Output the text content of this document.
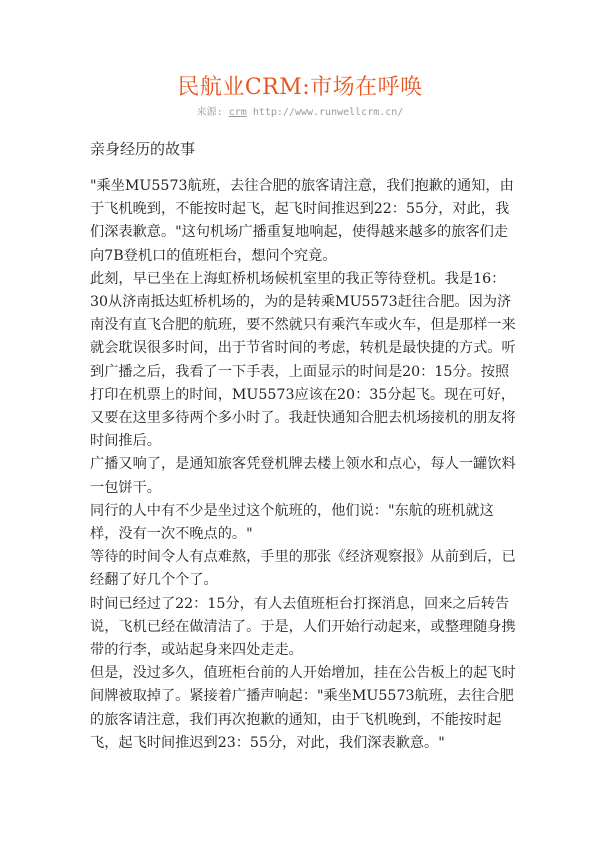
民航业CRM:市场在呼唤
来源: crm http://www.runwellcrm.cn/
亲身经历的故事

"乘坐MU5573航班，去往合肥的旅客请注意，我们抱歉的通知，由于飞机晚到，不能按时起飞，起飞时间推迟到22：55分，对此，我们深表歉意。"这句机场广播重复地响起，使得越来越多的旅客们走向7B登机口的值班柜台，想问个究竟。

此刻，早已坐在上海虹桥机场候机室里的我正等待登机。我是16：30从济南抵达虹桥机场的，为的是转乘MU5573赶往合肥。因为济南没有直飞合肥的航班，要不然就只有乘汽车或火车，但是那样一来就会耽误很多时间，出于节省时间的考虑，转机是最快捷的方式。听到广播之后，我看了一下手表，上面显示的时间是20：15分。按照打印在机票上的时间，MU5573应该在20：35分起飞。现在可好，又要在这里多待两个多小时了。我赶快通知合肥去机场接机的朋友将时间推后。

广播又响了，是通知旅客凭登机牌去楼上领水和点心，每人一罐饮料一包饼干。

同行的人中有不少是坐过这个航班的，他们说："东航的班机就这样，没有一次不晚点的。"

等待的时间令人有点难熬，手里的那张《经济观察报》从前到后，已经翻了好几个个了。

时间已经过了22：15分，有人去值班柜台打探消息，回来之后转告说，飞机已经在做清洁了。于是，人们开始行动起来，或整理随身携带的行李，或站起身来四处走走。

但是，没过多久，值班柜台前的人开始增加，挂在公告板上的起飞时间牌被取掉了。紧接着广播声响起："乘坐MU5573航班，去往合肥的旅客请注意，我们再次抱歉的通知，由于飞机晚到，不能按时起飞，起飞时间推迟到23：55分，对此，我们深表歉意。"
